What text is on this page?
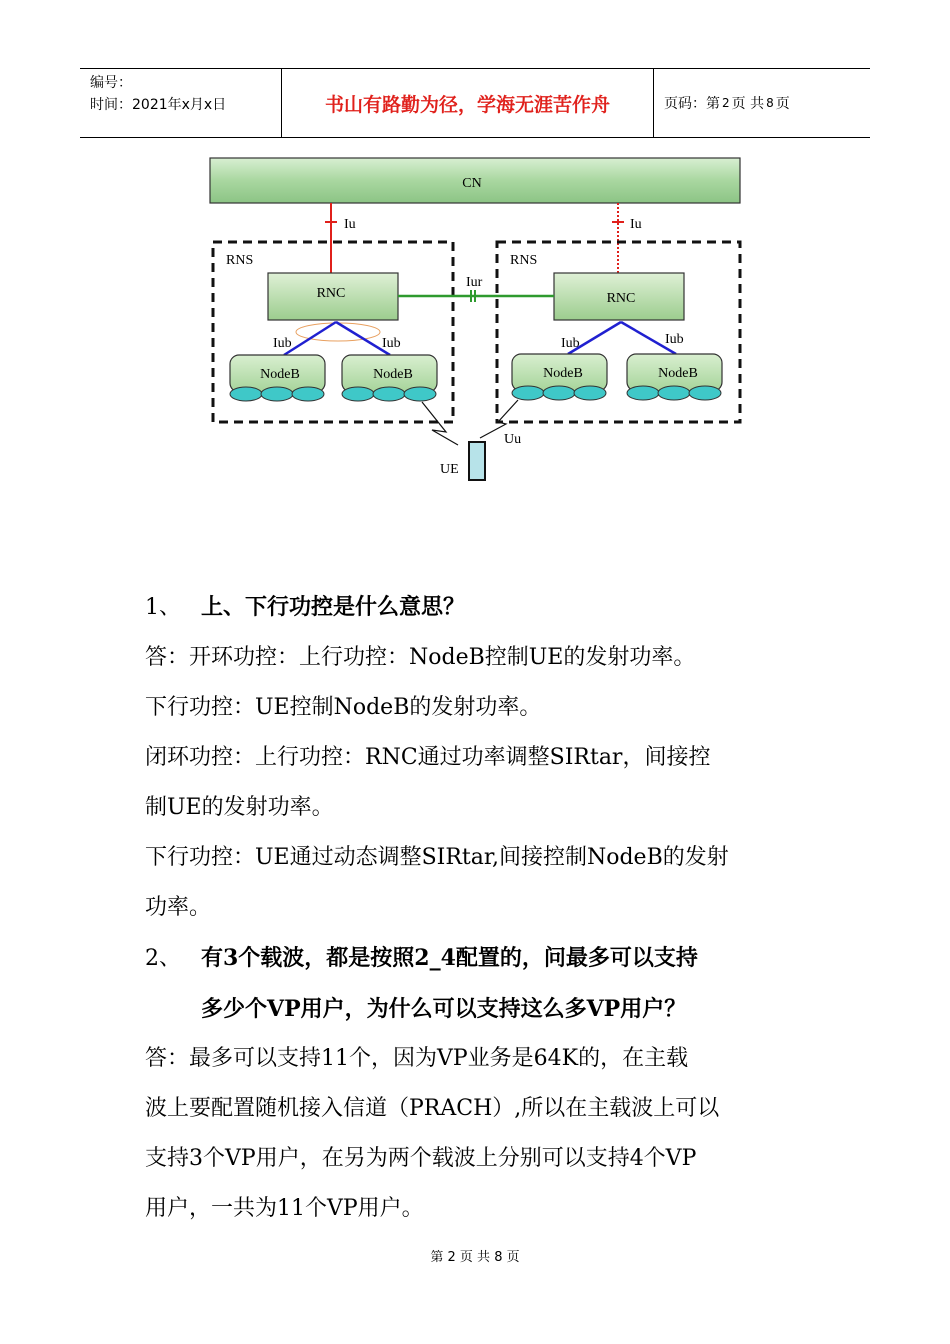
编号：
时间：2021年x月x日	书山有路勤为径，学海无涯苦作舟	页码：第 2 页 共 8 页
CN
Iu	Iu
RNS	RNS
RNC	RNC
Iur
Iub	Iub	Iub	Iub
NodeB	NodeB	NodeB	NodeB
Uu
UE

1、 上、下行功控是什么意思？

答：开环功控：上行功控：NodeB控制UE的发射功率。

下行功控：UE控制NodeB的发射功率。

闭环功控：上行功控：RNC通过功率调整SIRtar，间接控

制UE的发射功率。

下行功控：UE通过动态调整SIRtar,间接控制NodeB的发射

功率。

2、 有3个载波，都是按照2_4配置的，问最多可以支持

多少个VP用户，为什么可以支持这么多VP用户？

答：最多可以支持11个，因为VP业务是64K的，在主载

波上要配置随机接入信道（PRACH）,所以在主载波上可以

支持3个VP用户，在另为两个载波上分别可以支持4个VP

用户，一共为11个VP用户。

第 2 页 共 8 页
